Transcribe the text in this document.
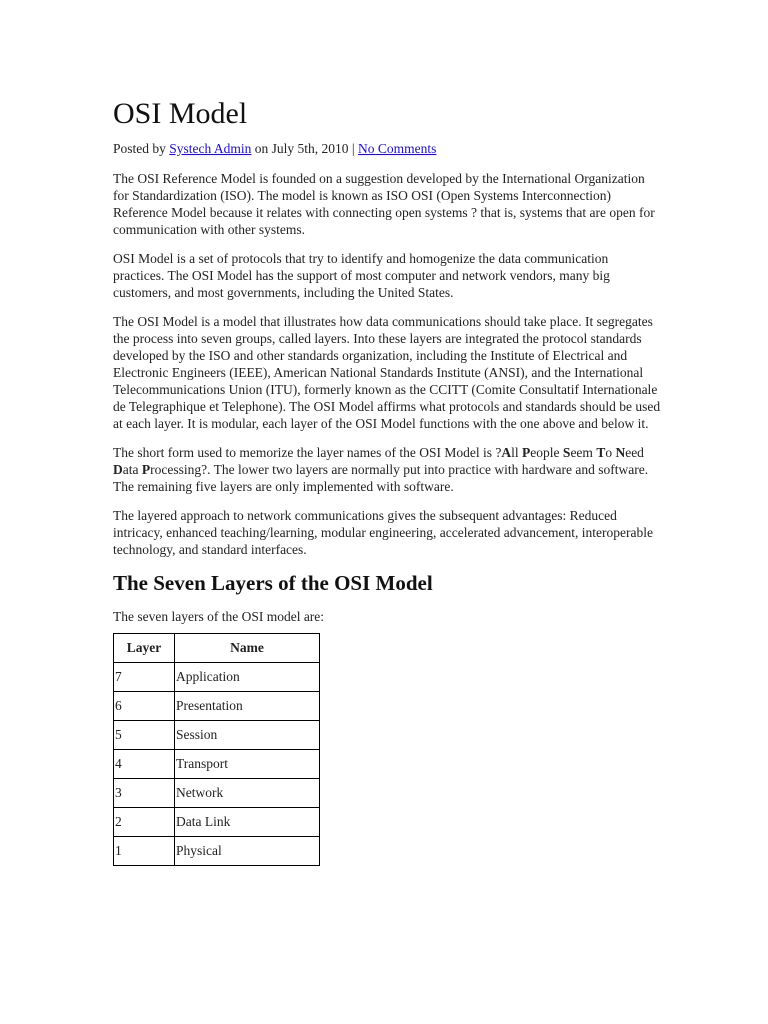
OSI Model
Posted by Systech Admin on July 5th, 2010 | No Comments

The OSI Reference Model is founded on a suggestion developed by the International Organization for Standardization (ISO). The model is known as ISO OSI (Open Systems Interconnection) Reference Model because it relates with connecting open systems ? that is, systems that are open for communication with other systems.

OSI Model is a set of protocols that try to identify and homogenize the data communication practices. The OSI Model has the support of most computer and network vendors, many big customers, and most governments, including the United States.

The OSI Model is a model that illustrates how data communications should take place. It segregates the process into seven groups, called layers. Into these layers are integrated the protocol standards developed by the ISO and other standards organization, including the Institute of Electrical and Electronic Engineers (IEEE), American National Standards Institute (ANSI), and the International Telecommunications Union (ITU), formerly known as the CCITT (Comite Consultatif Internationale de Telegraphique et Telephone). The OSI Model affirms what protocols and standards should be used at each layer. It is modular, each layer of the OSI Model functions with the one above and below it.

The short form used to memorize the layer names of the OSI Model is ?All People Seem To Need Data Processing?. The lower two layers are normally put into practice with hardware and software. The remaining five layers are only implemented with software.

The layered approach to network communications gives the subsequent advantages: Reduced intricacy, enhanced teaching/learning, modular engineering, accelerated advancement, interoperable technology, and standard interfaces.

The Seven Layers of the OSI Model

The seven layers of the OSI model are:

Layer	Name
7	Application
6	Presentation
5	Session
4	Transport
3	Network
2	Data Link
1	Physical
